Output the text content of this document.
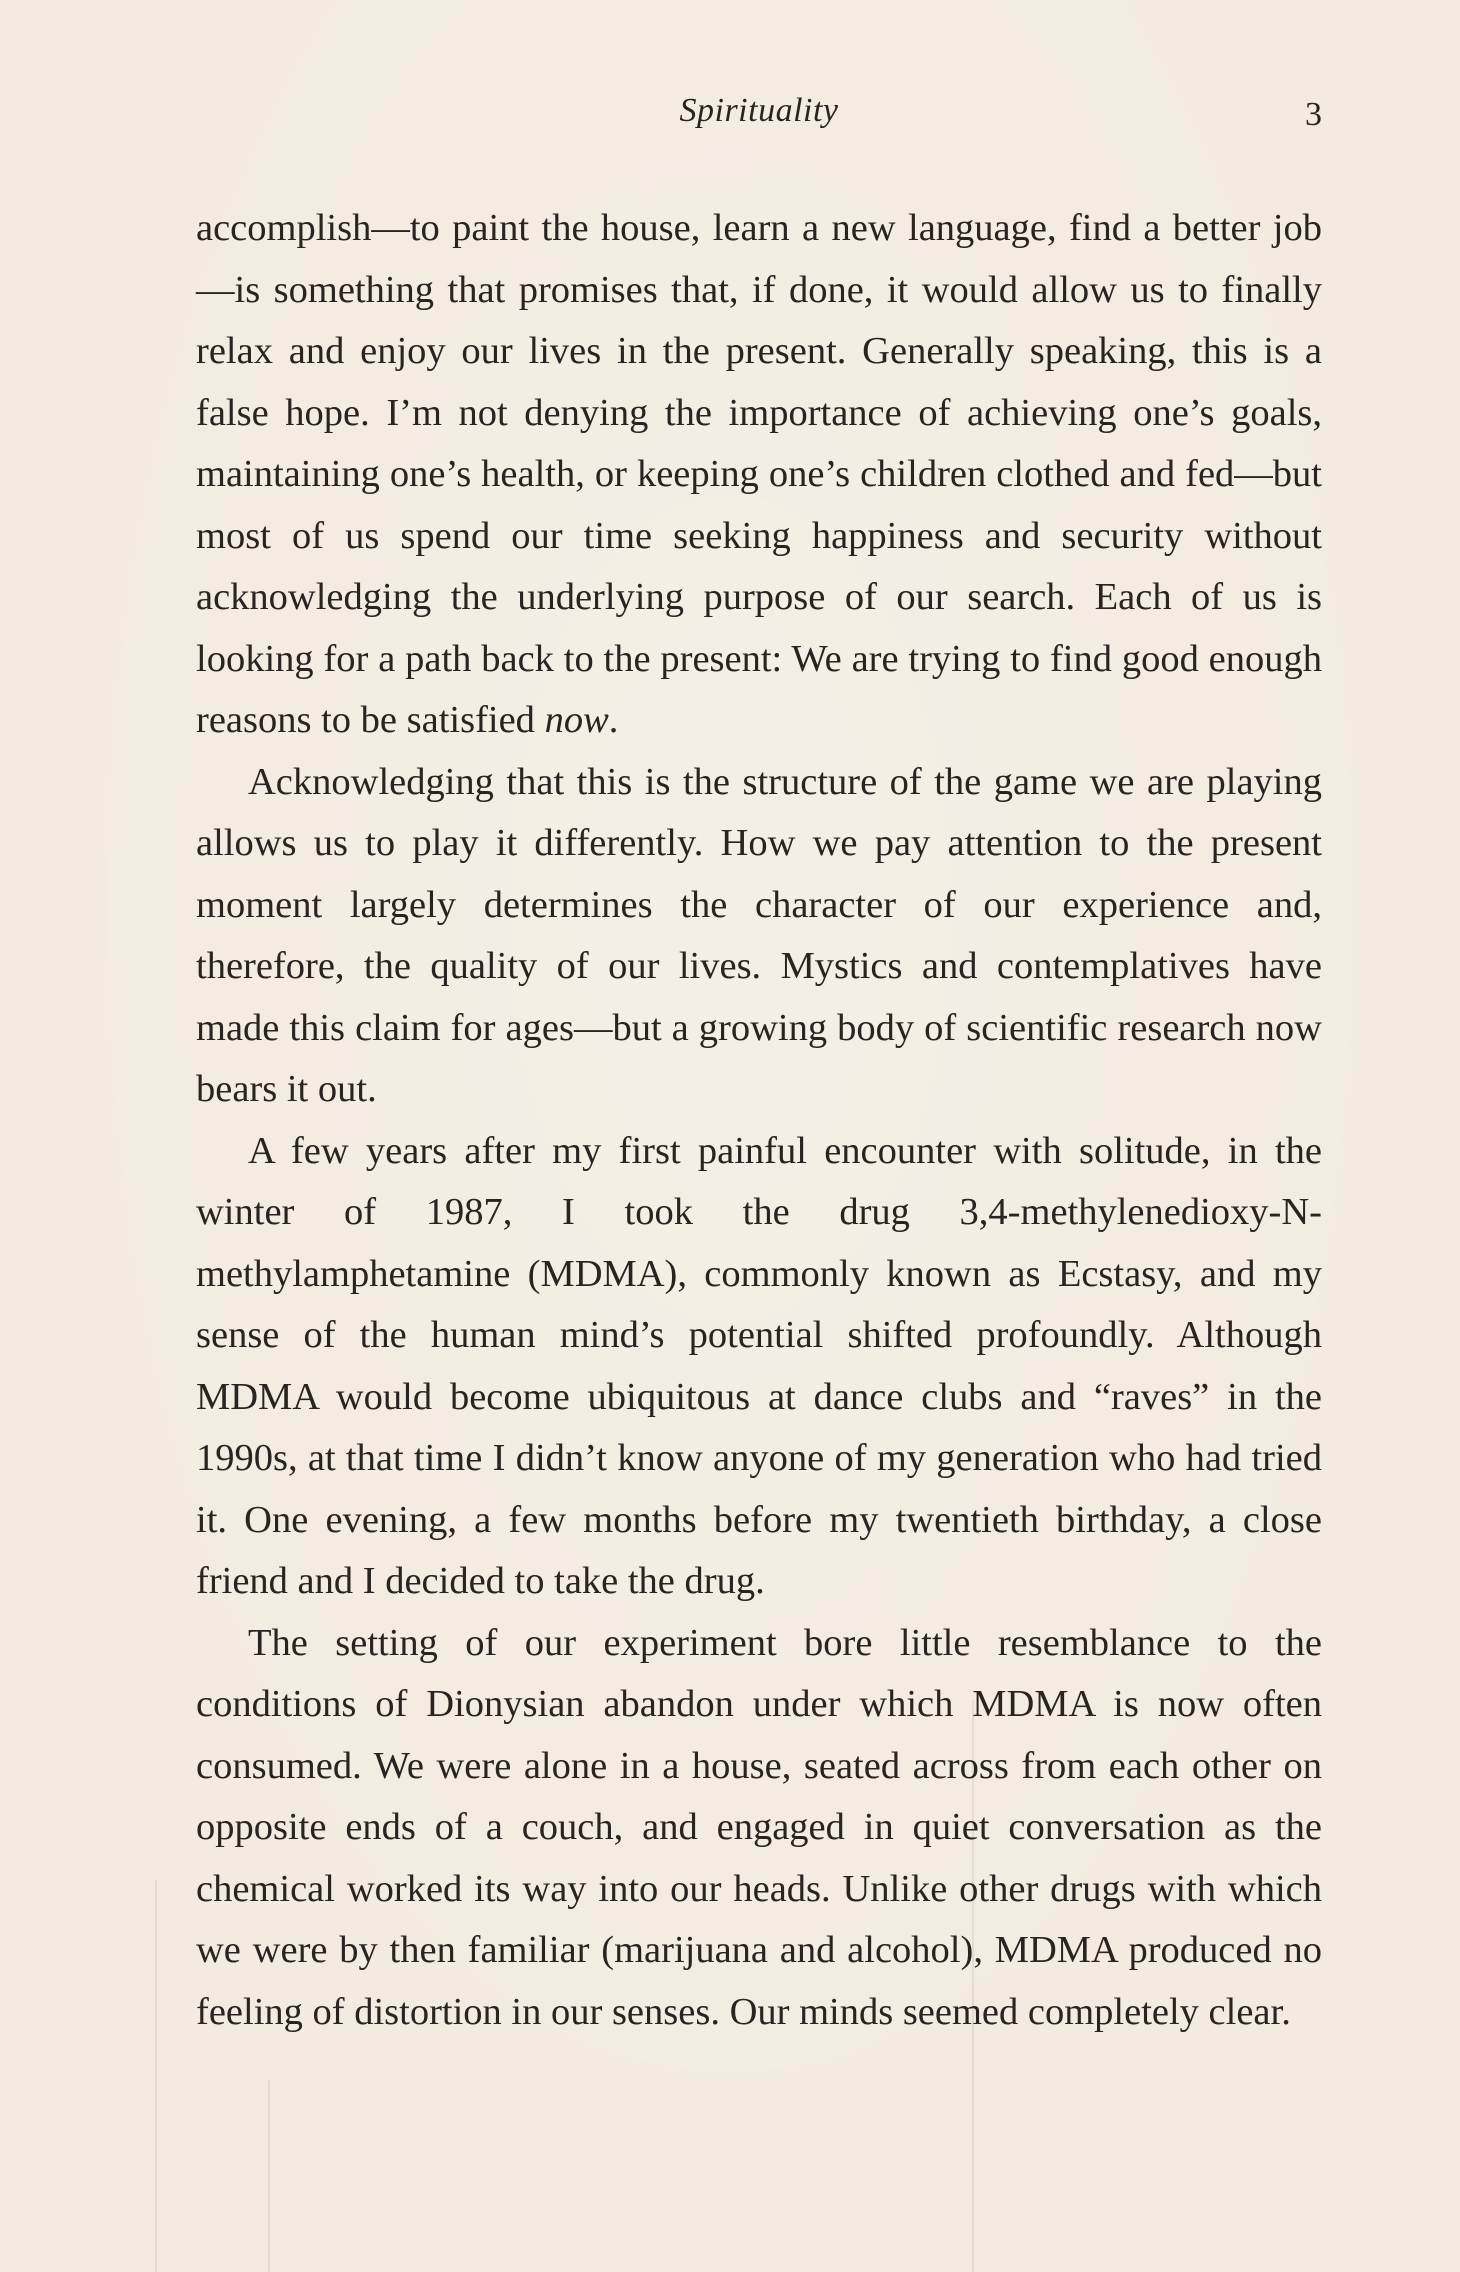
Spirituality	3

accomplish—to paint the house, learn a new language, find a better job—is something that promises that, if done, it would allow us to finally relax and enjoy our lives in the present. Generally speaking, this is a false hope. I’m not denying the importance of achieving one’s goals, maintaining one’s health, or keeping one’s children clothed and fed—but most of us spend our time seeking happiness and security without acknowledging the underlying purpose of our search. Each of us is looking for a path back to the present: We are trying to find good enough reasons to be satisfied now.

Acknowledging that this is the structure of the game we are playing allows us to play it differently. How we pay attention to the present moment largely determines the character of our experience and, therefore, the quality of our lives. Mystics and contemplatives have made this claim for ages—but a growing body of scientific research now bears it out.

A few years after my first painful encounter with solitude, in the winter of 1987, I took the drug 3,4-methylenedioxy-N-methylamphetamine (MDMA), commonly known as Ecstasy, and my sense of the human mind’s potential shifted profoundly. Although MDMA would become ubiquitous at dance clubs and “raves” in the 1990s, at that time I didn’t know anyone of my generation who had tried it. One evening, a few months before my twentieth birthday, a close friend and I decided to take the drug.

The setting of our experiment bore little resemblance to the conditions of Dionysian abandon under which MDMA is now often consumed. We were alone in a house, seated across from each other on opposite ends of a couch, and engaged in quiet conversation as the chemical worked its way into our heads. Unlike other drugs with which we were by then familiar (marijuana and alcohol), MDMA produced no feeling of distortion in our senses. Our minds seemed completely clear.
